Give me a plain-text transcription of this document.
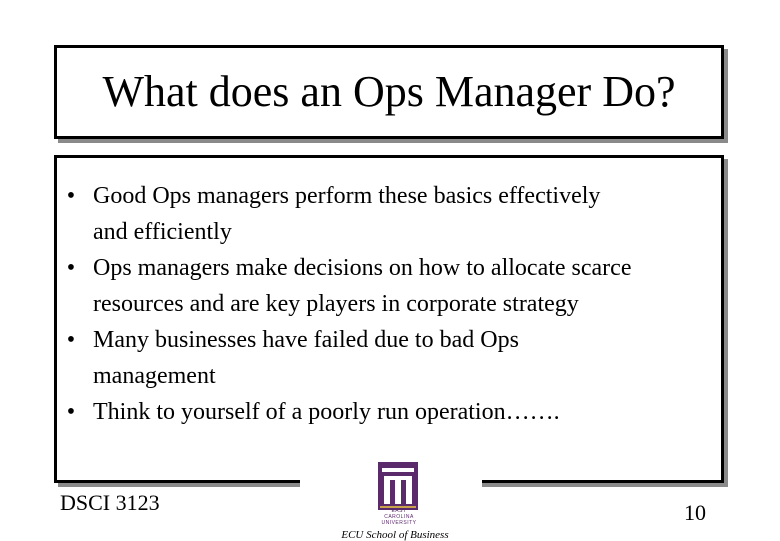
What does an Ops Manager Do?
• Good Ops managers perform these basics effectively
and efficiently
• Ops managers make decisions on how to allocate scarce
resources and are key players in corporate strategy
• Many businesses have failed due to bad Ops
management
• Think to yourself of a poorly run operation…….
DSCI 3123	10
EAST
CAROLINA
UNIVERSITY
ECU School of Business
